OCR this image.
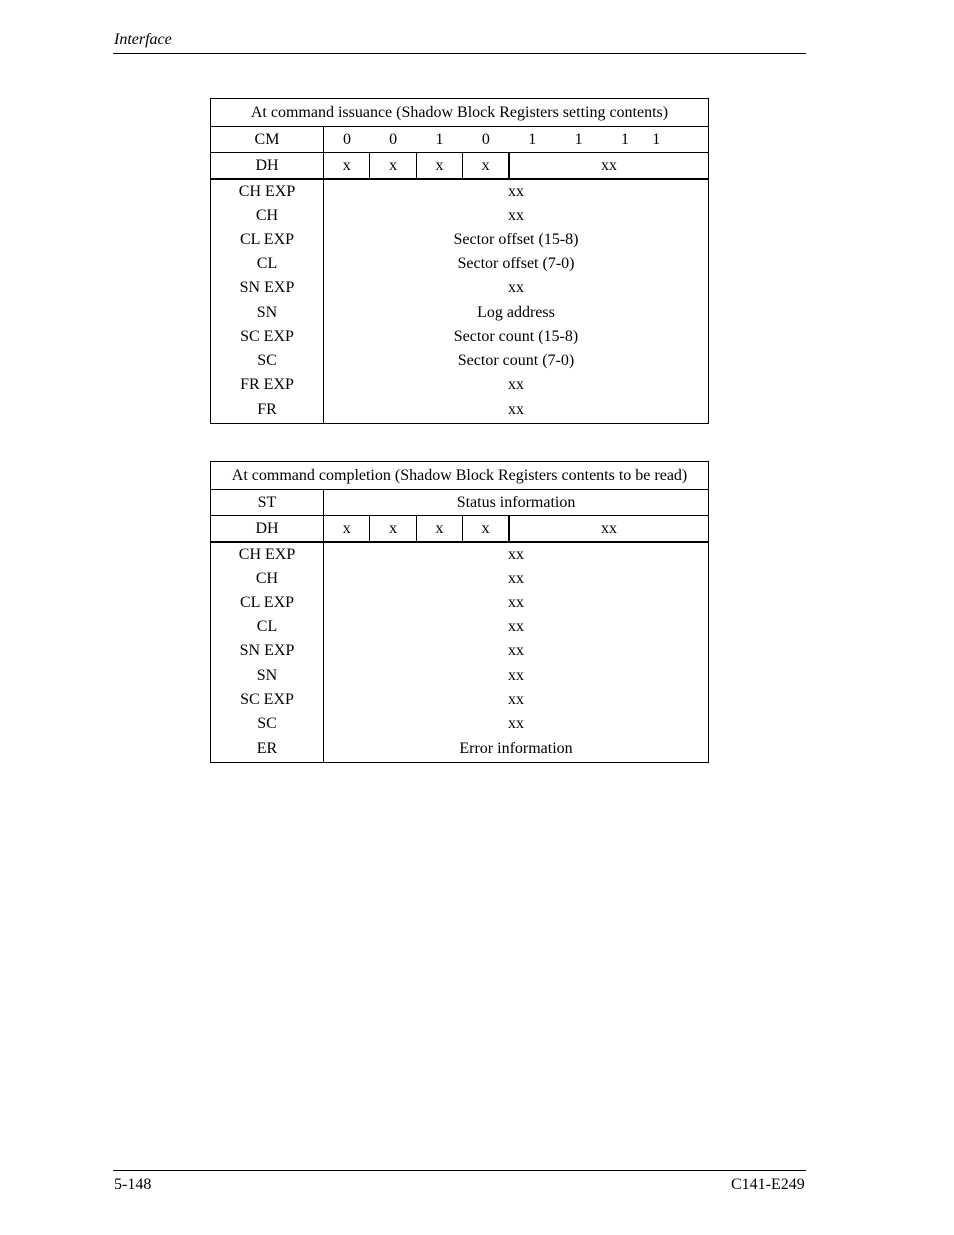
Interface
At command issuance (Shadow Block Registers setting contents)								
CM	0	0	1	0	1	1	1	1
DH	x	x	x	x	xx			
CH EXP	xx							
CH	xx							
CL EXP	Sector offset (15-8)							
CL	Sector offset (7-0)							
SN EXP	xx							
SN	Log address							
SC EXP	Sector count (15-8)							
SC	Sector count (7-0)							
FR EXP	xx							
FR	xx							
At command completion (Shadow Block Registers contents to be read)					
ST	Status information				
DH	x	x	x	x	xx
CH EXP	xx				
CH	xx				
CL EXP	xx				
CL	xx				
SN EXP	xx				
SN	xx				
SC EXP	xx				
SC	xx				
ER	Error information				
5-148	C141-E249
